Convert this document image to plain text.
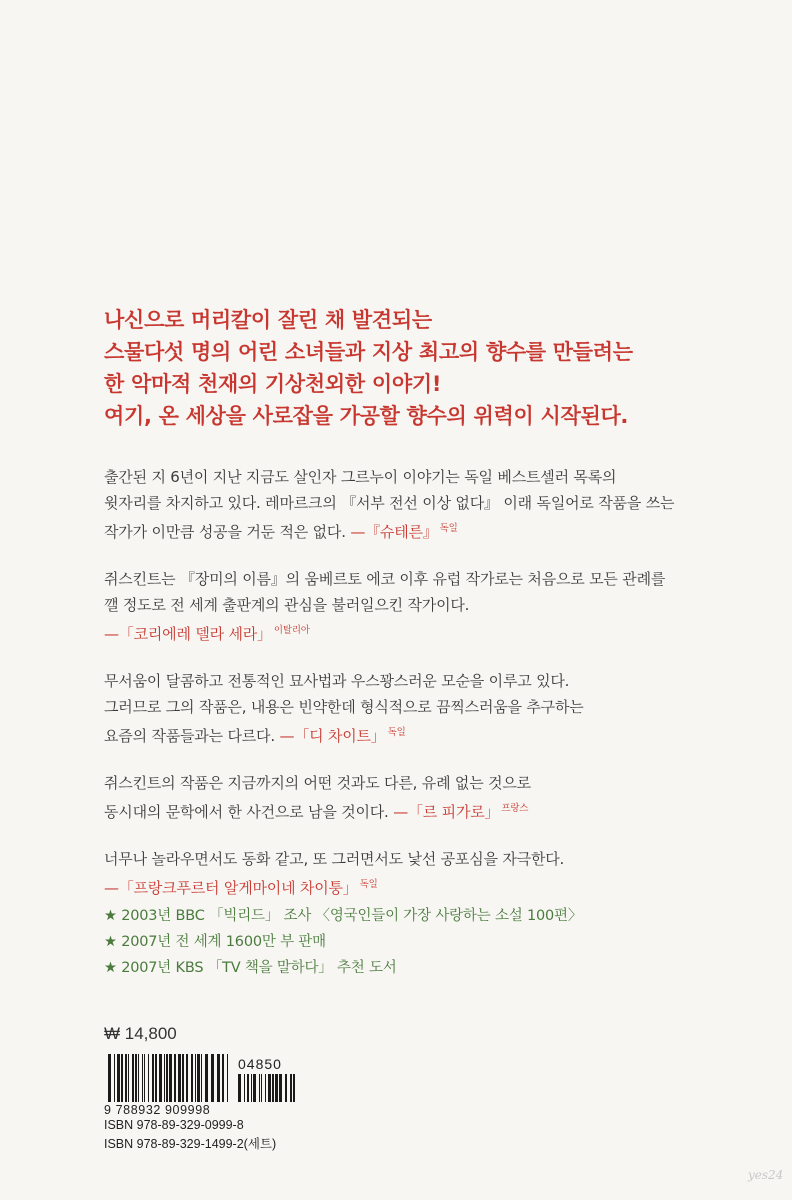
나신으로 머리칼이 잘린 채 발견되는
스물다섯 명의 어린 소녀들과 지상 최고의 향수를 만들려는
한 악마적 천재의 기상천외한 이야기!
여기, 온 세상을 사로잡을 가공할 향수의 위력이 시작된다.
출간된 지 6년이 지난 지금도 살인자 그르누이 이야기는 독일 베스트셀러 목록의
윗자리를 차지하고 있다. 레마르크의 『서부 전선 이상 없다』 이래 독일어로 작품을 쓰는
작가가 이만큼 성공을 거둔 적은 없다. —『슈테른』 $^{독일}$
쥐스킨트는 『장미의 이름』의 움베르토 에코 이후 유럽 작가로는 처음으로 모든 관례를
깰 정도로 전 세계 출판계의 관심을 불러일으킨 작가이다.
—「코리에레 델라 세라」 $^{이탈리아}$
무서움이 달콤하고 전통적인 묘사법과 우스꽝스러운 모순을 이루고 있다.
그러므로 그의 작품은, 내용은 빈약한데 형식적으로 끔찍스러움을 추구하는
요즘의 작품들과는 다르다. —「디 차이트」 $^{독일}$
쥐스킨트의 작품은 지금까지의 어떤 것과도 다른, 유례 없는 것으로
동시대의 문학에서 한 사건으로 남을 것이다. —「르 피가로」 $^{프랑스}$
너무나 놀라우면서도 동화 같고, 또 그러면서도 낯선 공포심을 자극한다.
—「프랑크푸르터 알게마이네 차이퉁」 $^{독일}$
★ 2003년 BBC 「빅리드」 조사 〈영국인들이 가장 사랑하는 소설 100편〉
★ 2007년 전 세계 1600만 부 판매
★ 2007년 KBS 「TV 책을 말하다」 추천 도서
₩ 14,800
04850
9 788932 909998
ISBN 978-89-329-0999-8
ISBN 978-89-329-1499-2(세트)
yes24
